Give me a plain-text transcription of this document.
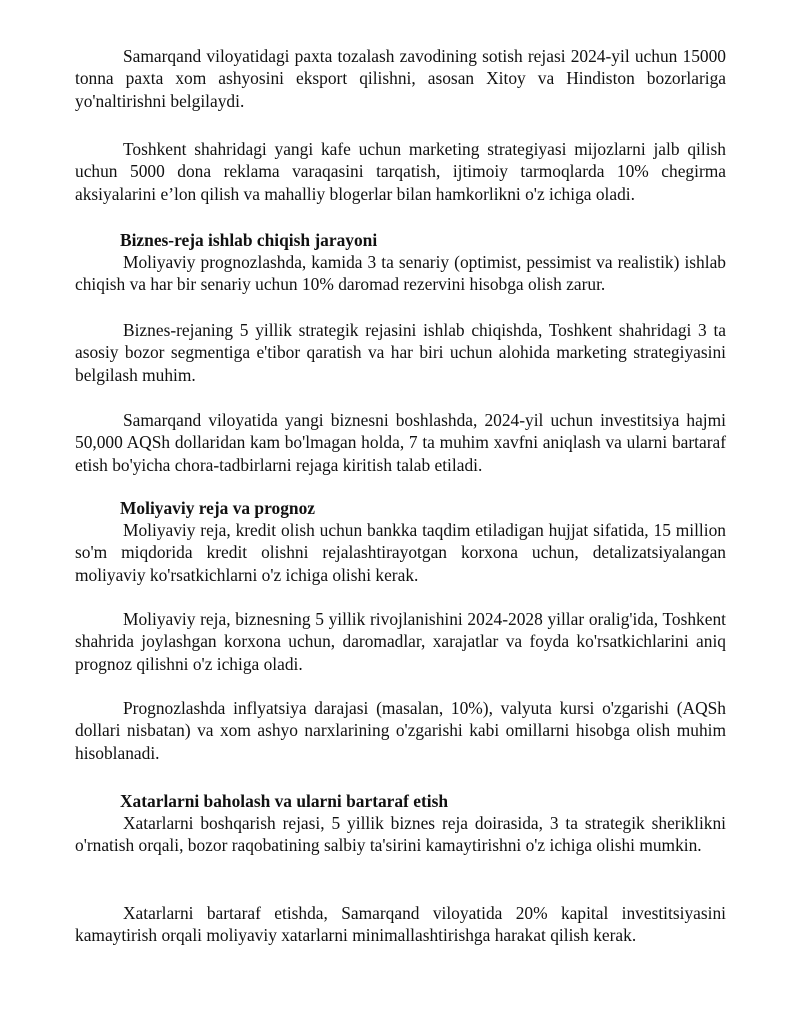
Samarqand viloyatidagi paxta tozalash zavodining sotish rejasi 2024-yil uchun 15000 tonna paxta xom ashyosini eksport qilishni, asosan Xitoy va Hindiston bozorlariga yo'naltirishni belgilaydi.

Toshkent shahridagi yangi kafe uchun marketing strategiyasi mijozlarni jalb qilish uchun 5000 dona reklama varaqasini tarqatish, ijtimoiy tarmoqlarda 10% chegirma aksiyalarini e’lon qilish va mahalliy blogerlar bilan hamkorlikni o'z ichiga oladi.

Biznes-reja ishlab chiqish jarayoni

Moliyaviy prognozlashda, kamida 3 ta senariy (optimist, pessimist va realistik) ishlab chiqish va har bir senariy uchun 10% daromad rezervini hisobga olish zarur.

Biznes-rejaning 5 yillik strategik rejasini ishlab chiqishda, Toshkent shahridagi 3 ta asosiy bozor segmentiga e'tibor qaratish va har biri uchun alohida marketing strategiyasini belgilash muhim.

Samarqand viloyatida yangi biznesni boshlashda, 2024-yil uchun investitsiya hajmi 50,000 AQSh dollaridan kam bo'lmagan holda, 7 ta muhim xavfni aniqlash va ularni bartaraf etish bo'yicha chora-tadbirlarni rejaga kiritish talab etiladi.

Moliyaviy reja va prognoz

Moliyaviy reja, kredit olish uchun bankka taqdim etiladigan hujjat sifatida, 15 million so'm miqdorida kredit olishni rejalashtirayotgan korxona uchun, detalizatsiyalangan moliyaviy ko'rsatkichlarni o'z ichiga olishi kerak.

Moliyaviy reja, biznesning 5 yillik rivojlanishini 2024-2028 yillar oralig'ida, Toshkent shahrida joylashgan korxona uchun, daromadlar, xarajatlar va foyda ko'rsatkichlarini aniq prognoz qilishni o'z ichiga oladi.

Prognozlashda inflyatsiya darajasi (masalan, 10%), valyuta kursi o'zgarishi (AQSh dollari nisbatan) va xom ashyo narxlarining o'zgarishi kabi omillarni hisobga olish muhim hisoblanadi.

Xatarlarni baholash va ularni bartaraf etish

Xatarlarni boshqarish rejasi, 5 yillik biznes reja doirasida, 3 ta strategik sheriklikni o'rnatish orqali, bozor raqobatining salbiy ta'sirini kamaytirishni o'z ichiga olishi mumkin.

Xatarlarni bartaraf etishda, Samarqand viloyatida 20% kapital investitsiyasini kamaytirish orqali moliyaviy xatarlarni minimallashtirishga harakat qilish kerak.
